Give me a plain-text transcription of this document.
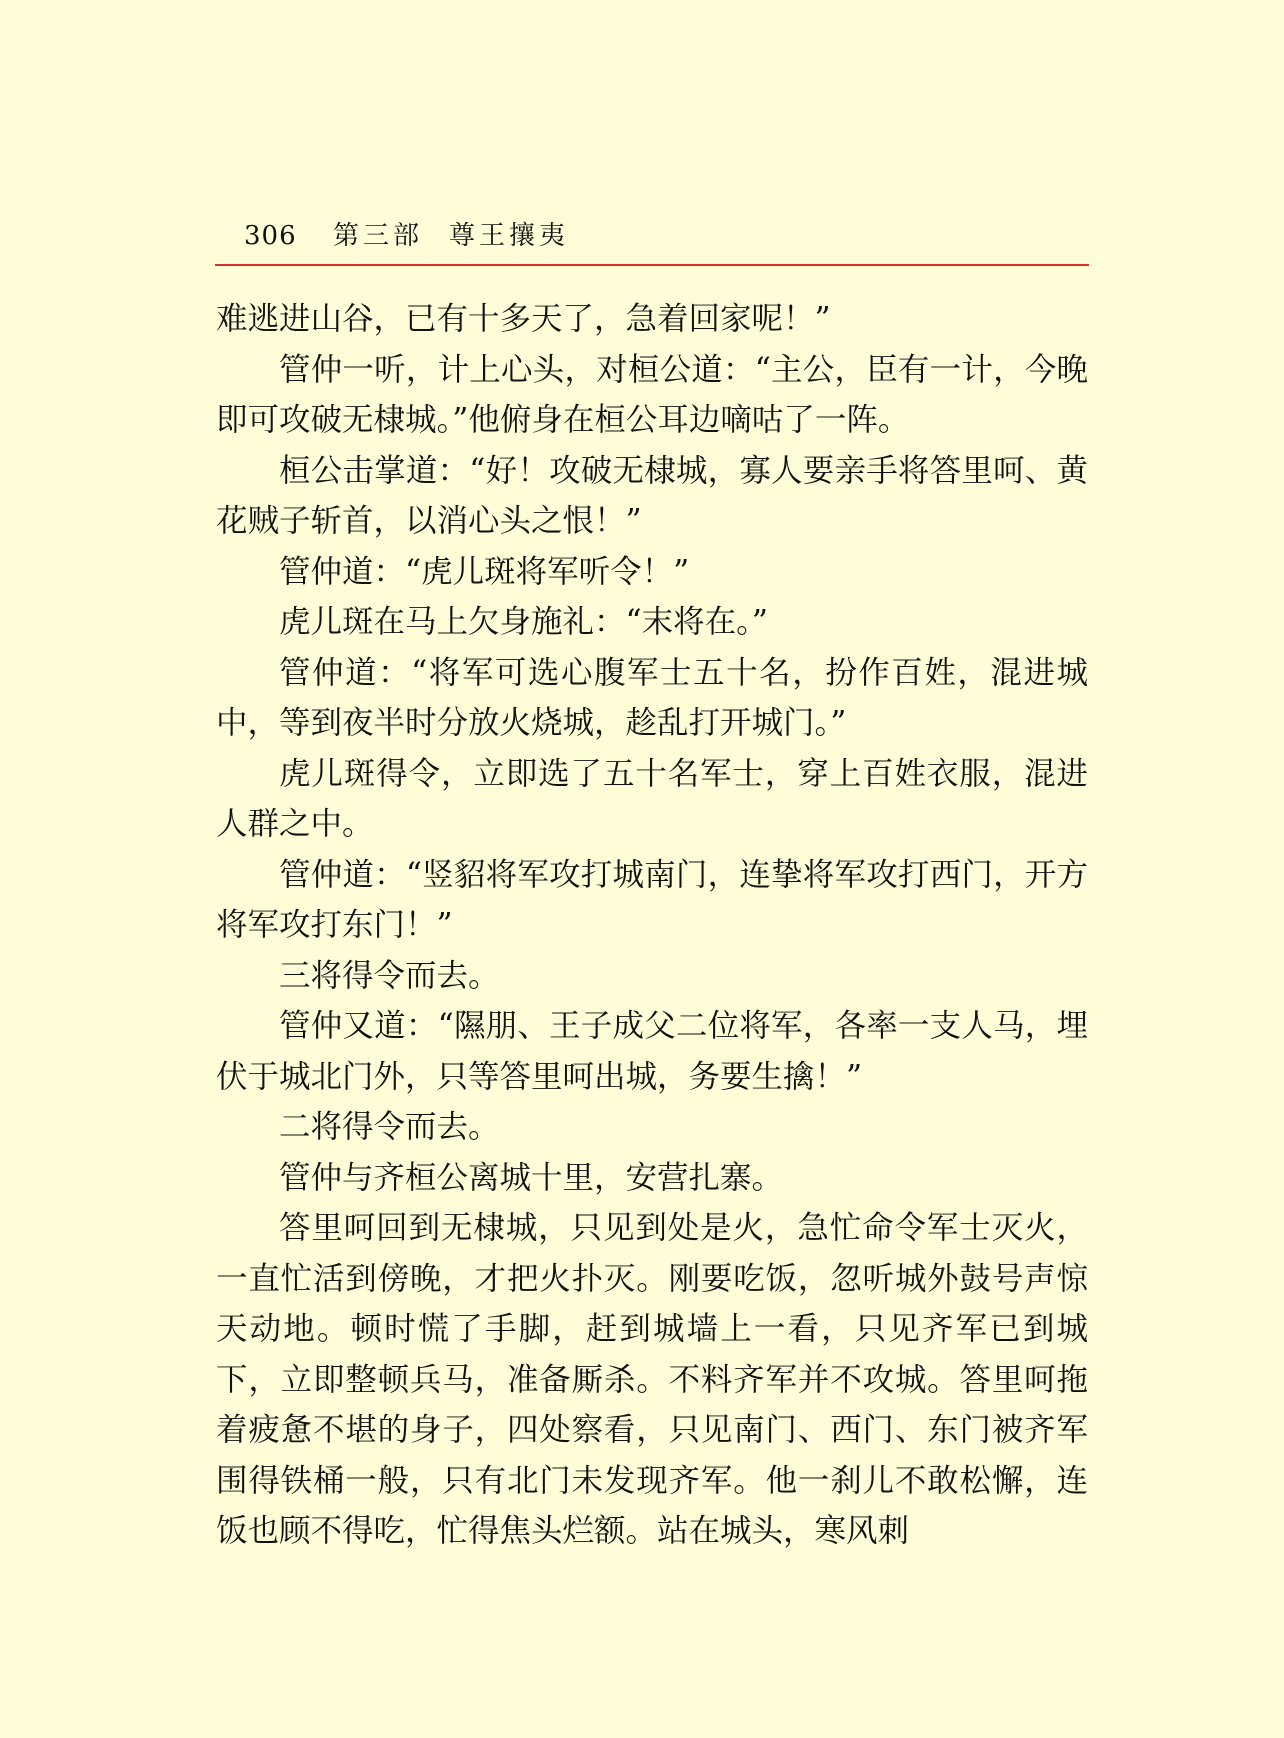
306 第三部 尊王攘夷

难逃进山谷，已有十多天了，急着回家呢！”

管仲一听，计上心头，对桓公道：“主公，臣有一计，今晚即可攻破无棣城。”他俯身在桓公耳边嘀咕了一阵。

桓公击掌道：“好！攻破无棣城，寡人要亲手将答里呵、黄花贼子斩首，以消心头之恨！”

管仲道：“虎儿斑将军听令！”

虎儿斑在马上欠身施礼：“末将在。”

管仲道：“将军可选心腹军士五十名，扮作百姓，混进城中，等到夜半时分放火烧城，趁乱打开城门。”

虎儿斑得令，立即选了五十名军士，穿上百姓衣服，混进人群之中。

管仲道：“竖貂将军攻打城南门，连挚将军攻打西门，开方将军攻打东门！”

三将得令而去。

管仲又道：“隰朋、王子成父二位将军，各率一支人马，埋伏于城北门外，只等答里呵出城，务要生擒！”

二将得令而去。

管仲与齐桓公离城十里，安营扎寨。

答里呵回到无棣城，只见到处是火，急忙命令军士灭火，一直忙活到傍晚，才把火扑灭。刚要吃饭，忽听城外鼓号声惊天动地。顿时慌了手脚，赶到城墙上一看，只见齐军已到城下，立即整顿兵马，准备厮杀。不料齐军并不攻城。答里呵拖着疲惫不堪的身子，四处察看，只见南门、西门、东门被齐军围得铁桶一般，只有北门未发现齐军。他一刹儿不敢松懈，连饭也顾不得吃，忙得焦头烂额。站在城头，寒风刺
